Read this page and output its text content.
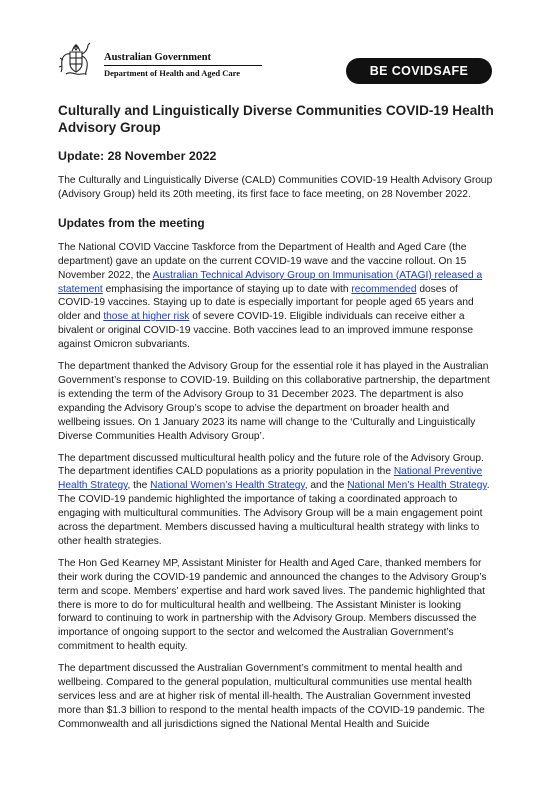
Australian Government
Department of Health and Aged Care	BE COVIDSAFE
Culturally and Linguistically Diverse Communities COVID-19 Health Advisory Group
Update: 28 November 2022

The Culturally and Linguistically Diverse (CALD) Communities COVID-19 Health Advisory Group (Advisory Group) held its 20th meeting, its first face to face meeting, on 28 November 2022.

Updates from the meeting

The National COVID Vaccine Taskforce from the Department of Health and Aged Care (the department) gave an update on the current COVID-19 wave and the vaccine rollout. On 15 November 2022, the Australian Technical Advisory Group on Immunisation (ATAGI) released a statement emphasising the importance of staying up to date with recommended doses of COVID-19 vaccines. Staying up to date is especially important for people aged 65 years and older and those at higher risk of severe COVID-19. Eligible individuals can receive either a bivalent or original COVID-19 vaccine. Both vaccines lead to an improved immune response against Omicron subvariants.

The department thanked the Advisory Group for the essential role it has played in the Australian Government’s response to COVID-19. Building on this collaborative partnership, the department is extending the term of the Advisory Group to 31 December 2023. The department is also expanding the Advisory Group’s scope to advise the department on broader health and wellbeing issues. On 1 January 2023 its name will change to the ‘Culturally and Linguistically Diverse Communities Health Advisory Group’.

The department discussed multicultural health policy and the future role of the Advisory Group. The department identifies CALD populations as a priority population in the National Preventive Health Strategy, the National Women’s Health Strategy, and the National Men’s Health Strategy. The COVID-19 pandemic highlighted the importance of taking a coordinated approach to engaging with multicultural communities. The Advisory Group will be a main engagement point across the department. Members discussed having a multicultural health strategy with links to other health strategies.

The Hon Ged Kearney MP, Assistant Minister for Health and Aged Care, thanked members for their work during the COVID-19 pandemic and announced the changes to the Advisory Group’s term and scope. Members’ expertise and hard work saved lives. The pandemic highlighted that there is more to do for multicultural health and wellbeing. The Assistant Minister is looking forward to continuing to work in partnership with the Advisory Group. Members discussed the importance of ongoing support to the sector and welcomed the Australian Government’s commitment to health equity.

The department discussed the Australian Government’s commitment to mental health and wellbeing. Compared to the general population, multicultural communities use mental health services less and are at higher risk of mental ill-health. The Australian Government invested more than $1.3 billion to respond to the mental health impacts of the COVID-19 pandemic. The Commonwealth and all jurisdictions signed the National Mental Health and Suicide
